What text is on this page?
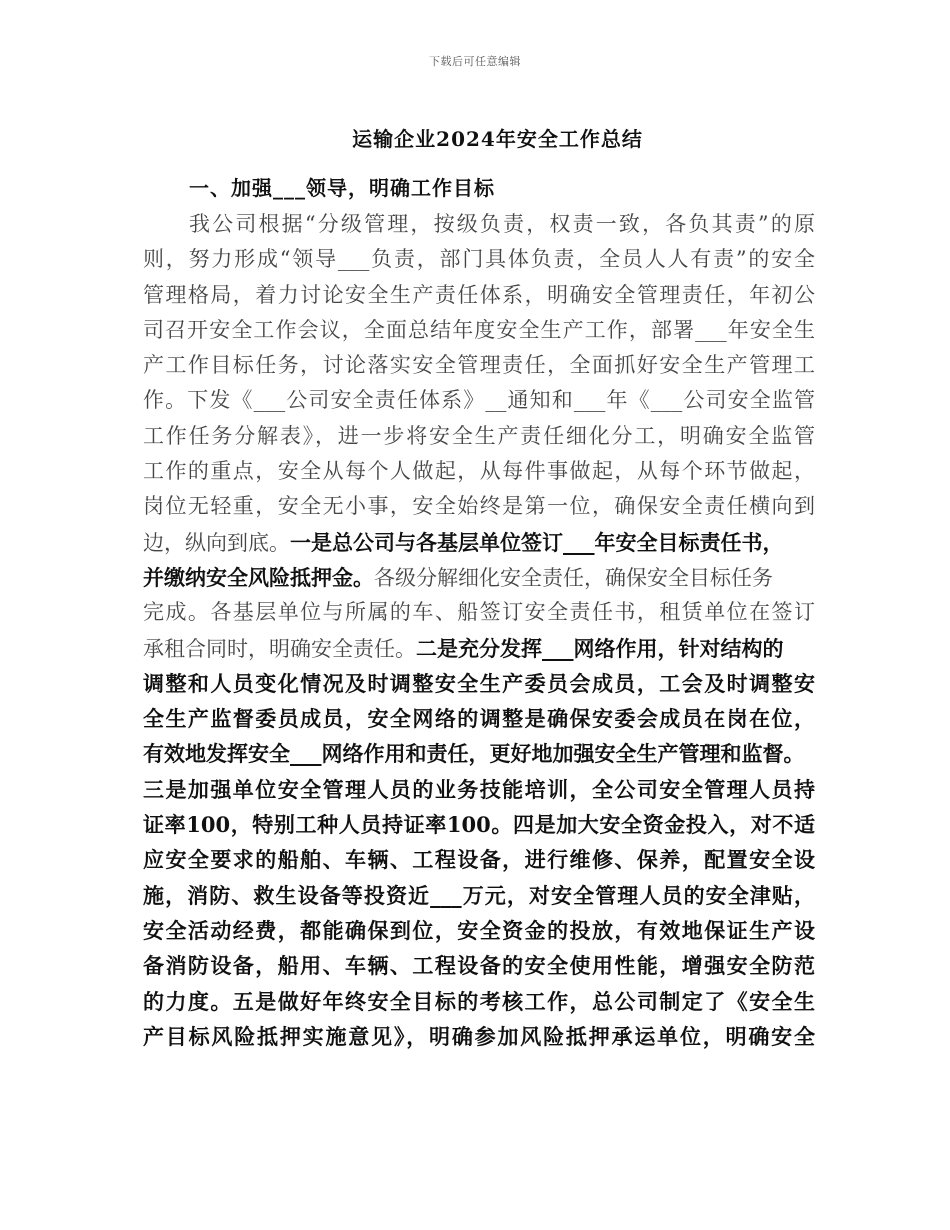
下载后可任意编辑
运输企业2024年安全工作总结
一、加强___领导，明确工作目标
我公司根据“分级管理，按级负责，权责一致，各负其责”的原
则，努力形成“领导___负责，部门具体负责，全员人人有责”的安全
管理格局，着力讨论安全生产责任体系，明确安全管理责任，年初公
司召开安全工作会议，全面总结年度安全生产工作，部署___年安全生
产工作目标任务，讨论落实安全管理责任，全面抓好安全生产管理工
作。下发《___公司安全责任体系》__通知和___年《___公司安全监管
工作任务分解表》，进一步将安全生产责任细化分工，明确安全监管
工作的重点，安全从每个人做起，从每件事做起，从每个环节做起，
岗位无轻重，安全无小事，安全始终是第一位，确保安全责任横向到
边，纵向到底。一是总公司与各基层单位签订___年安全目标责任书，
并缴纳安全风险抵押金。各级分解细化安全责任，确保安全目标任务
完成。各基层单位与所属的车、船签订安全责任书，租赁单位在签订
承租合同时，明确安全责任。二是充分发挥___网络作用，针对结构的
调整和人员变化情况及时调整安全生产委员会成员，工会及时调整安
全生产监督委员成员，安全网络的调整是确保安委会成员在岗在位，
有效地发挥安全___网络作用和责任，更好地加强安全生产管理和监督。
三是加强单位安全管理人员的业务技能培训，全公司安全管理人员持
证率100，特别工种人员持证率100。四是加大安全资金投入，对不适
应安全要求的船舶、车辆、工程设备，进行维修、保养，配置安全设
施，消防、救生设备等投资近___万元，对安全管理人员的安全津贴，
安全活动经费，都能确保到位，安全资金的投放，有效地保证生产设
备消防设备，船用、车辆、工程设备的安全使用性能，增强安全防范
的力度。五是做好年终安全目标的考核工作，总公司制定了《安全生
产目标风险抵押实施意见》，明确参加风险抵押承运单位，明确安全
